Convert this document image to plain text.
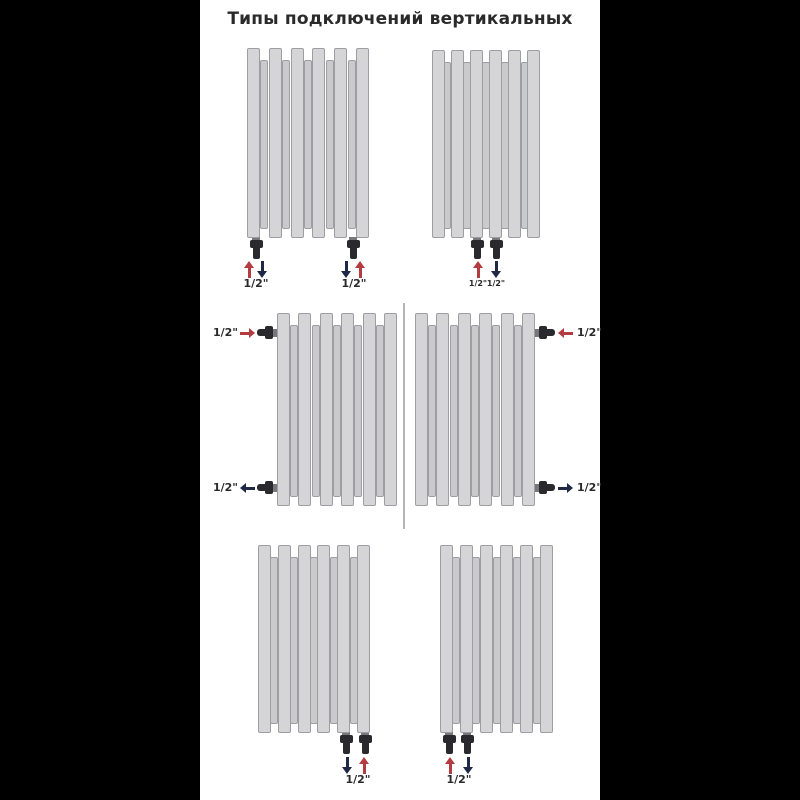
Типы подключений вертикальных
1/2"	1/2"	1/2" 1/2"
1/2"
1/2"
1/2"
1/2"
1/2"	1/2"
